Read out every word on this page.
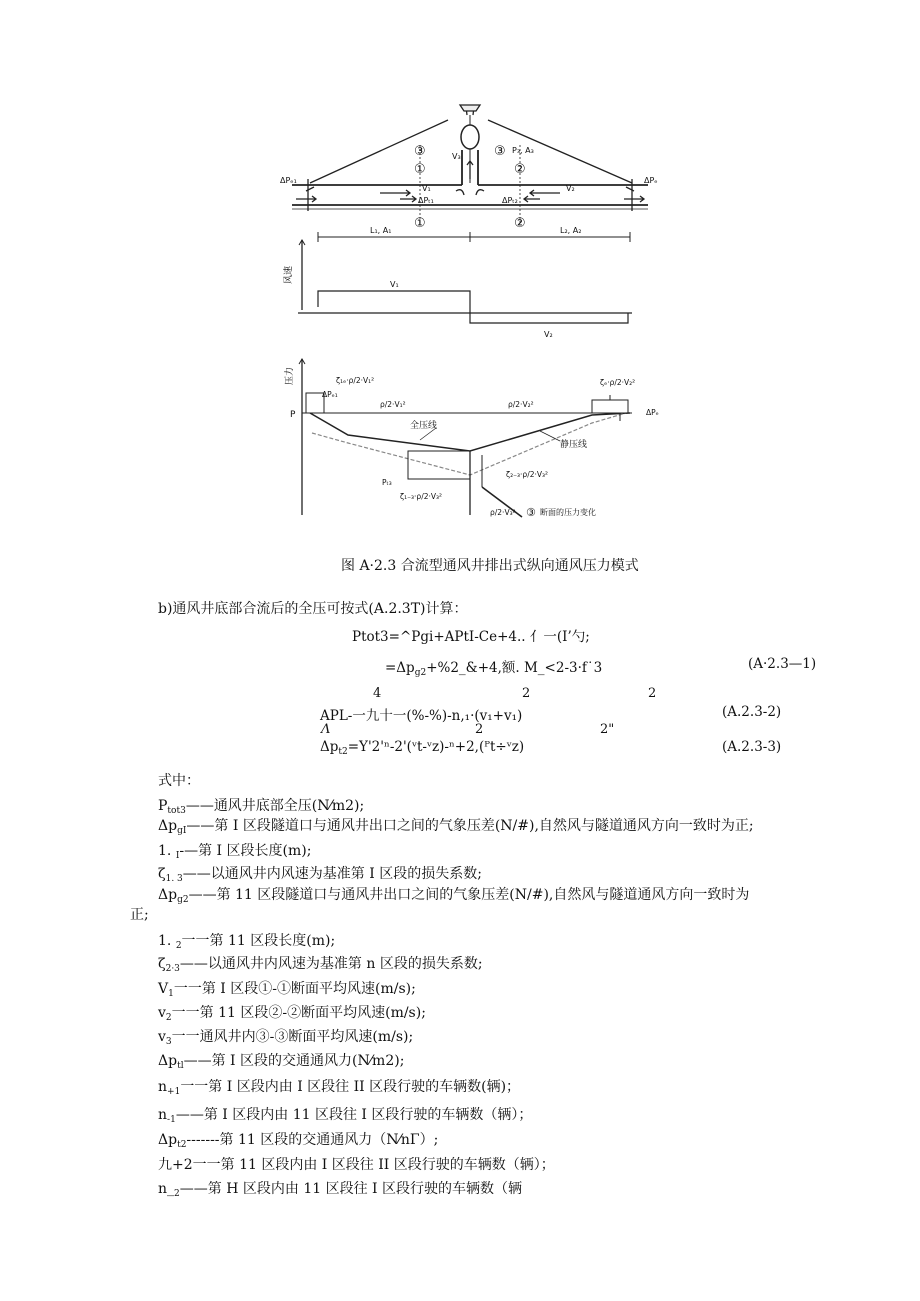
ΔPₑ₁	ΔPₑ
①	②
③
③	V₃
P₃, A₃
V₁	V₂
ΔPₜ₁	ΔPₜ₂
①	②
L₁, A₁	L₂, A₂
风速
V₁
V₂
压力
P
ΔPₑ₁
ζ₁ₑ·ρ/2·V₁²
ρ/2·V₁²	ρ/2·V₂²
ζₑ·ρ/2·V₂²
ΔPₑ
全压线
静压线
ζ₂₋₃·ρ/2·V₃²
Pₜ₃
ζ₁₋₃·ρ/2·V₃²
ρ/2·V₃² ③ 断面的压力变化
图 A·2.3 合流型通风井排出式纵向通风压力模式
b)通风井底部合流后的全压可按式(A.2.3T)计算：
Ptot3=^Pgi+APtI-Ce+4.. 亻一(I’勺;
$=\Delta p_{g2}+\%2\_\&+4$,额. M_<2-3·f˙3	(A·2.3—1)
4	2	2
APL-一九十一(%-%)-n,₁·(v₁+v₁)	(A.2.3-2)
Λ	2	2"
$\Delta p_{t2}=Y'2'^n-2'(ᵛt-ᵛz)-^n+2,(ᴾt\div ᵛz)$	(A.2.3-3)
式中：
$P_{tot3}——$通风井底部全压(N⁄m2);
$\Delta p_{gI}——$第 I 区段隧道口与通风井出口之间的气象压差(N/#),自然风与隧道通风方向一致时为正;
1. $_I$-—第 I 区段长度(m);
$\zeta_{1. 3}——$以通风井内风速为基准第 I 区段的损失系数;
$\Delta p_{g2}——$第 11 区段隧道口与通风井出口之间的气象压差(N/#),自然风与隧道通风方向一致时为
正;
1. $_2$一一第 11 区段长度(m);
$\zeta_{2\cdot 3}——$以通风井内风速为基准第 n 区段的损失系数;
$V_1$一一第 I 区段①-①断面平均风速(m/s);
$v_2$一一第 11 区段②-②断面平均风速(m/s);
$v_3$一一通风井内③-③断面平均风速(m/s);
$\Delta p_{tl}——$第 I 区段的交通通风力(N⁄m2);
$n_{+1}$一一第 I 区段内由 I 区段往 II 区段行驶的车辆数(辆)；
$n_{-1}——$第 I 区段内由 11 区段往 I 区段行驶的车辆数（辆）；
$\Delta p_{t2}-------$第 11 区段的交通通风力（N⁄nΓ）;
九+2一一第 11 区段内由 I 区段往 II 区段行驶的车辆数（辆）；
$n\__2——$第 H 区段内由 11 区段往 I 区段行驶的车辆数（辆
